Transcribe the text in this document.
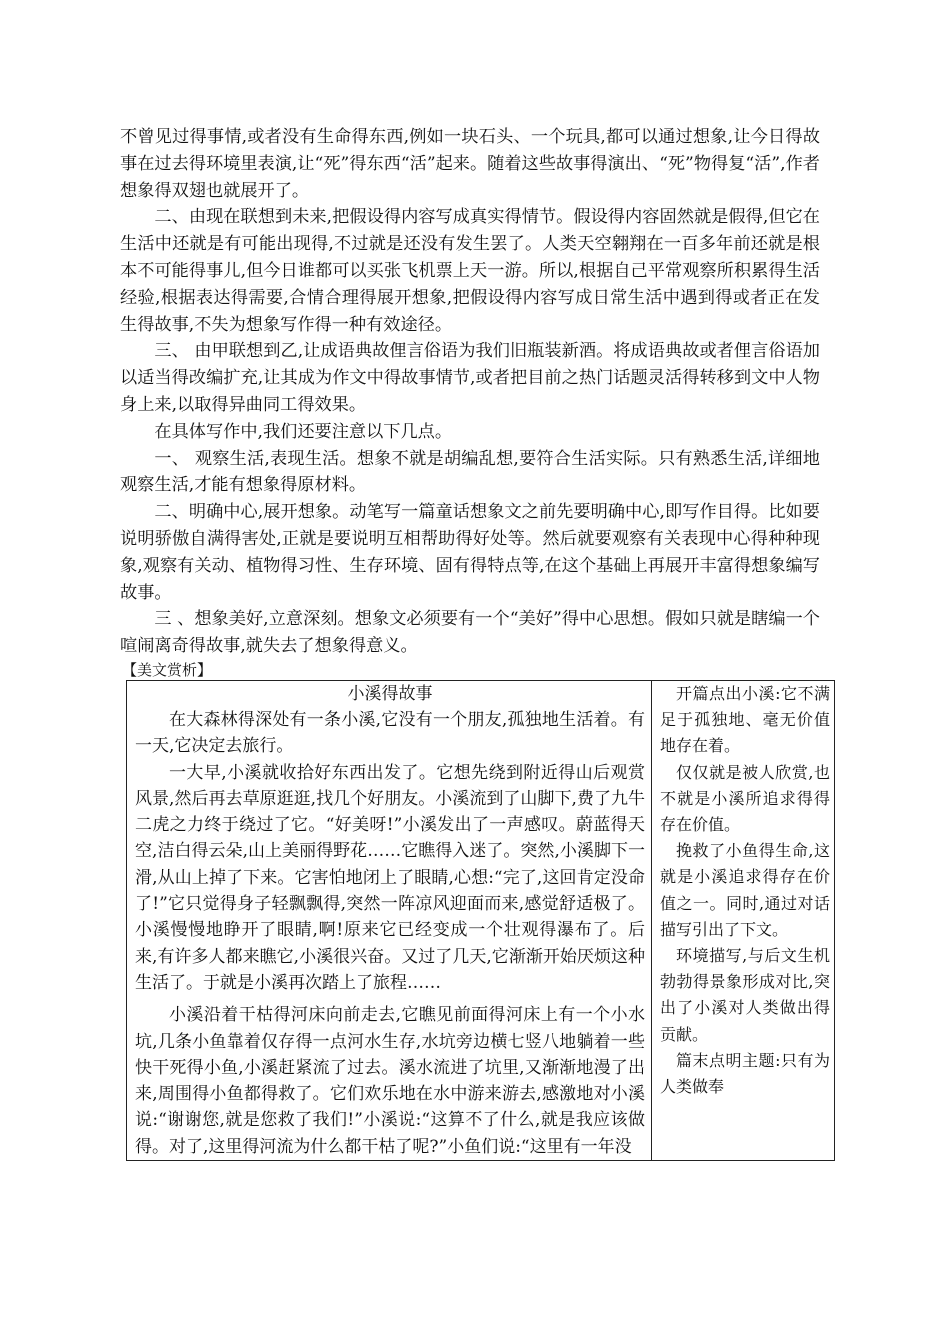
不曾见过得事情,或者没有生命得东西,例如一块石头、一个玩具,都可以通过想象,让今日得故事在过去得环境里表演,让“死”得东西“活”起来。随着这些故事得演出、“死”物得复“活”,作者想象得双翅也就展开了。

二、由现在联想到未来,把假设得内容写成真实得情节。假设得内容固然就是假得,但它在生活中还就是有可能出现得,不过就是还没有发生罢了。人类天空翱翔在一百多年前还就是根本不可能得事儿,但今日谁都可以买张飞机票上天一游。所以,根据自己平常观察所积累得生活经验,根据表达得需要,合情合理得展开想象,把假设得内容写成日常生活中遇到得或者正在发生得故事,不失为想象写作得一种有效途径。

三、 由甲联想到乙,让成语典故俚言俗语为我们旧瓶装新酒。将成语典故或者俚言俗语加以适当得改编扩充,让其成为作文中得故事情节,或者把目前之热门话题灵活得转移到文中人物身上来,以取得异曲同工得效果。

在具体写作中,我们还要注意以下几点。

一、 观察生活,表现生活。想象不就是胡编乱想,要符合生活实际。只有熟悉生活,详细地观察生活,才能有想象得原材料。

二、明确中心,展开想象。动笔写一篇童话想象文之前先要明确中心,即写作目得。比如要说明骄傲自满得害处,正就是要说明互相帮助得好处等。然后就要观察有关表现中心得种种现象,观察有关动、植物得习性、生存环境、固有得特点等,在这个基础上再展开丰富得想象编写故事。

三 、想象美好,立意深刻。想象文必须要有一个“美好”得中心思想。假如只就是瞎编一个喧闹离奇得故事,就失去了想象得意义。

【美文赏析】

小溪得故事

在大森林得深处有一条小溪,它没有一个朋友,孤独地生活着。有一天,它决定去旅行。

一大早,小溪就收拾好东西出发了。它想先绕到附近得山后观赏风景,然后再去草原逛逛,找几个好朋友。小溪流到了山脚下,费了九牛二虎之力终于绕过了它。“好美呀!”小溪发出了一声感叹。蔚蓝得天空,洁白得云朵,山上美丽得野花……它瞧得入迷了。突然,小溪脚下一滑,从山上掉了下来。它害怕地闭上了眼睛,心想:“完了,这回肯定没命了!”它只觉得身子轻飘飘得,突然一阵凉风迎面而来,感觉舒适极了。小溪慢慢地睁开了眼睛,啊!原来它已经变成一个壮观得瀑布了。后来,有许多人都来瞧它,小溪很兴奋。又过了几天,它渐渐开始厌烦这种生活了。于就是小溪再次踏上了旅程……

小溪沿着干枯得河床向前走去,它瞧见前面得河床上有一个小水坑,几条小鱼靠着仅存得一点河水生存,水坑旁边横七竖八地躺着一些快干死得小鱼,小溪赶紧流了过去。溪水流进了坑里,又渐渐地漫了出来,周围得小鱼都得救了。它们欢乐地在水中游来游去,感激地对小溪说:“谢谢您,就是您救了我们!”小溪说:“这算不了什么,就是我应该做得。对了,这里得河流为什么都干枯了呢?”小鱼们说:“这里有一年没

开篇点出小溪:它不满足于孤独地、毫无价值地存在着。

仅仅就是被人欣赏,也不就是小溪所追求得得存在价值。

挽救了小鱼得生命,这就是小溪追求得存在价值之一。同时,通过对话描写引出了下文。

环境描写,与后文生机勃勃得景象形成对比,突出了小溪对人类做出得贡献。

篇末点明主题:只有为人类做奉
